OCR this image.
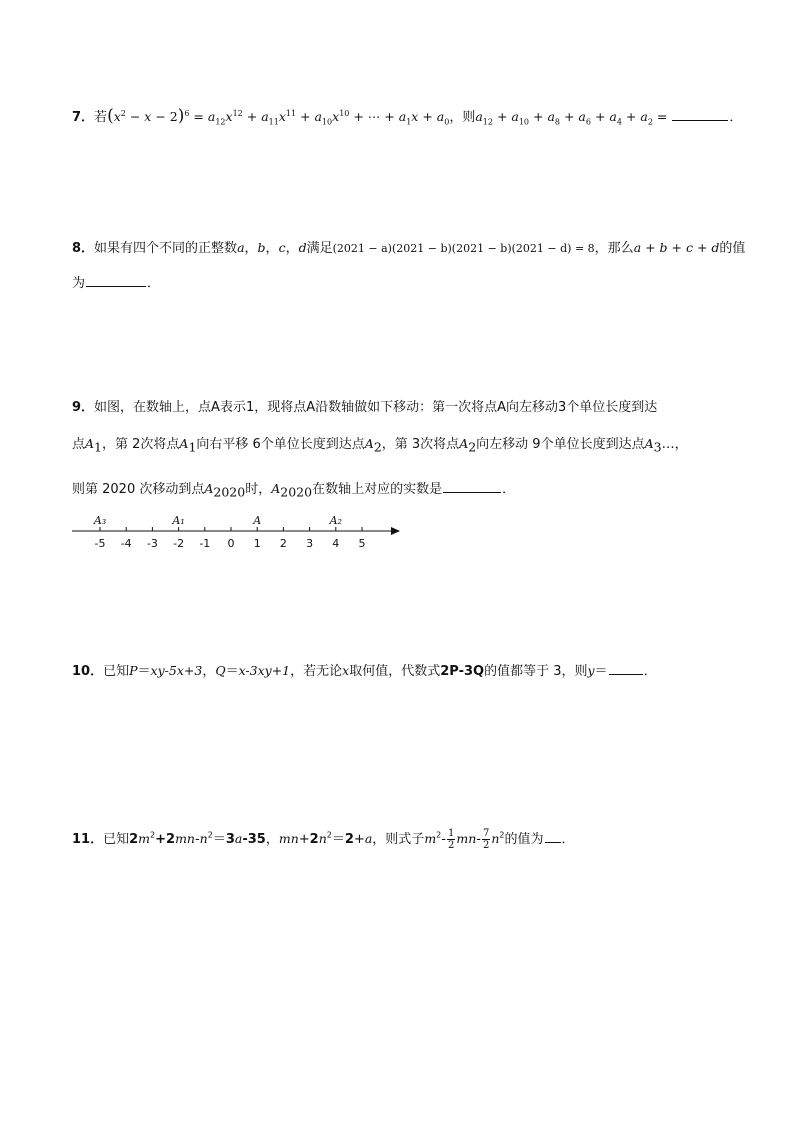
7．若$(x^2 - x - 2)^6 = a_{12}x^{12} + a_{11}x^{11} + a_{10}x^{10}$ + ⋯ + $a_1x + a_0$，则$a_{12} + a_{10} + a_8 + a_6 + a_4 + a_2$ =	．
8．如果有四个不同的正整数a，b，c，d满足(2021 − a)(2021 − b)(2021 − b)(2021 − d) = 8，那么a + b + c + d的值
为	．
9．如图，在数轴上，点A表示1，现将点A沿数轴做如下移动：第一次将点A向左移动3个单位长度到达
点$A_1$，第 2次将点$A_1$向右平移 6个单位长度到达点$A_2$，第 3次将点$A_2$向左移动 9个单位长度到达点$A_3\dots$，
则第 2020 次移动到点$A_{2020}$时，$A_{2020}$在数轴上对应的实数是	．
-5 -4 -3 -2 -1 0 1 2 3 4 5
A₃	A₁	A	A₂
10．已知P＝xy-5x+3，Q＝x-3xy+1，若无论x取何值，代数式2P-3Q的值都等于 3，则y＝	．
11．已知$2m^2+2mn-n^2=3a-35$，$mn+2n^2=2+a$，则式子$m^2- \frac{1}{2} mn- \frac{7}{2} n^2$的值为 ．
